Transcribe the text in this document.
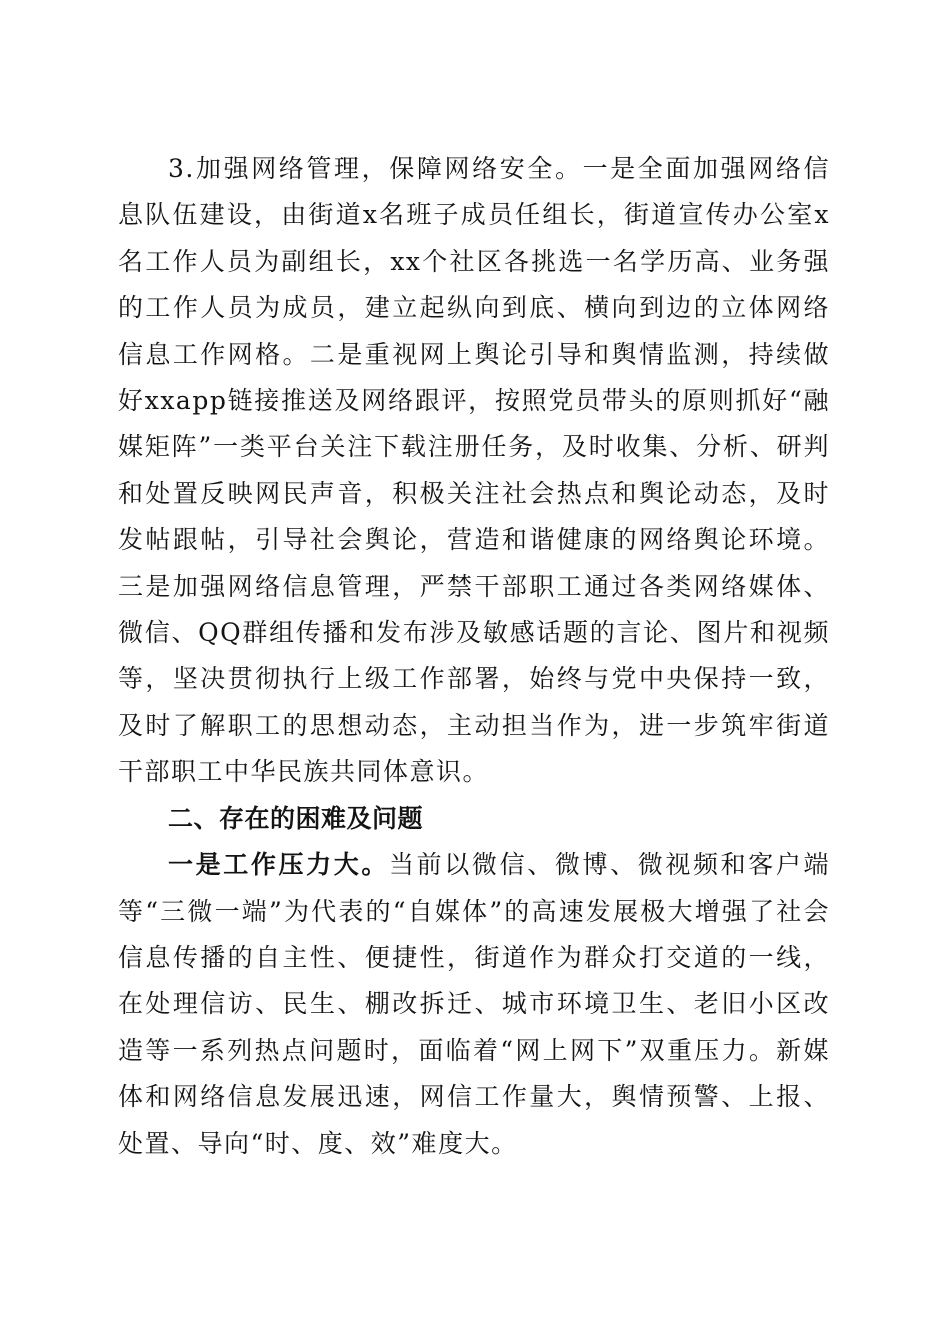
3.加强网络管理，保障网络安全。一是全面加强网络信息队伍建设，由街道x名班子成员任组长，街道宣传办公室x名工作人员为副组长，xx个社区各挑选一名学历高、业务强的工作人员为成员，建立起纵向到底、横向到边的立体网络信息工作网格。二是重视网上舆论引导和舆情监测，持续做好xxapp链接推送及网络跟评，按照党员带头的原则抓好“融媒矩阵”一类平台关注下载注册任务，及时收集、分析、研判和处置反映网民声音，积极关注社会热点和舆论动态，及时发帖跟帖，引导社会舆论，营造和谐健康的网络舆论环境。三是加强网络信息管理，严禁干部职工通过各类网络媒体、微信、QQ群组传播和发布涉及敏感话题的言论、图片和视频等，坚决贯彻执行上级工作部署，始终与党中央保持一致，及时了解职工的思想动态，主动担当作为，进一步筑牢街道干部职工中华民族共同体意识。

二、存在的困难及问题

一是工作压力大。当前以微信、微博、微视频和客户端等“三微一端”为代表的“自媒体”的高速发展极大增强了社会信息传播的自主性、便捷性，街道作为群众打交道的一线，在处理信访、民生、棚改拆迁、城市环境卫生、老旧小区改造等一系列热点问题时，面临着“网上网下”双重压力。新媒体和网络信息发展迅速，网信工作量大，舆情预警、上报、处置、导向“时、度、效”难度大。
